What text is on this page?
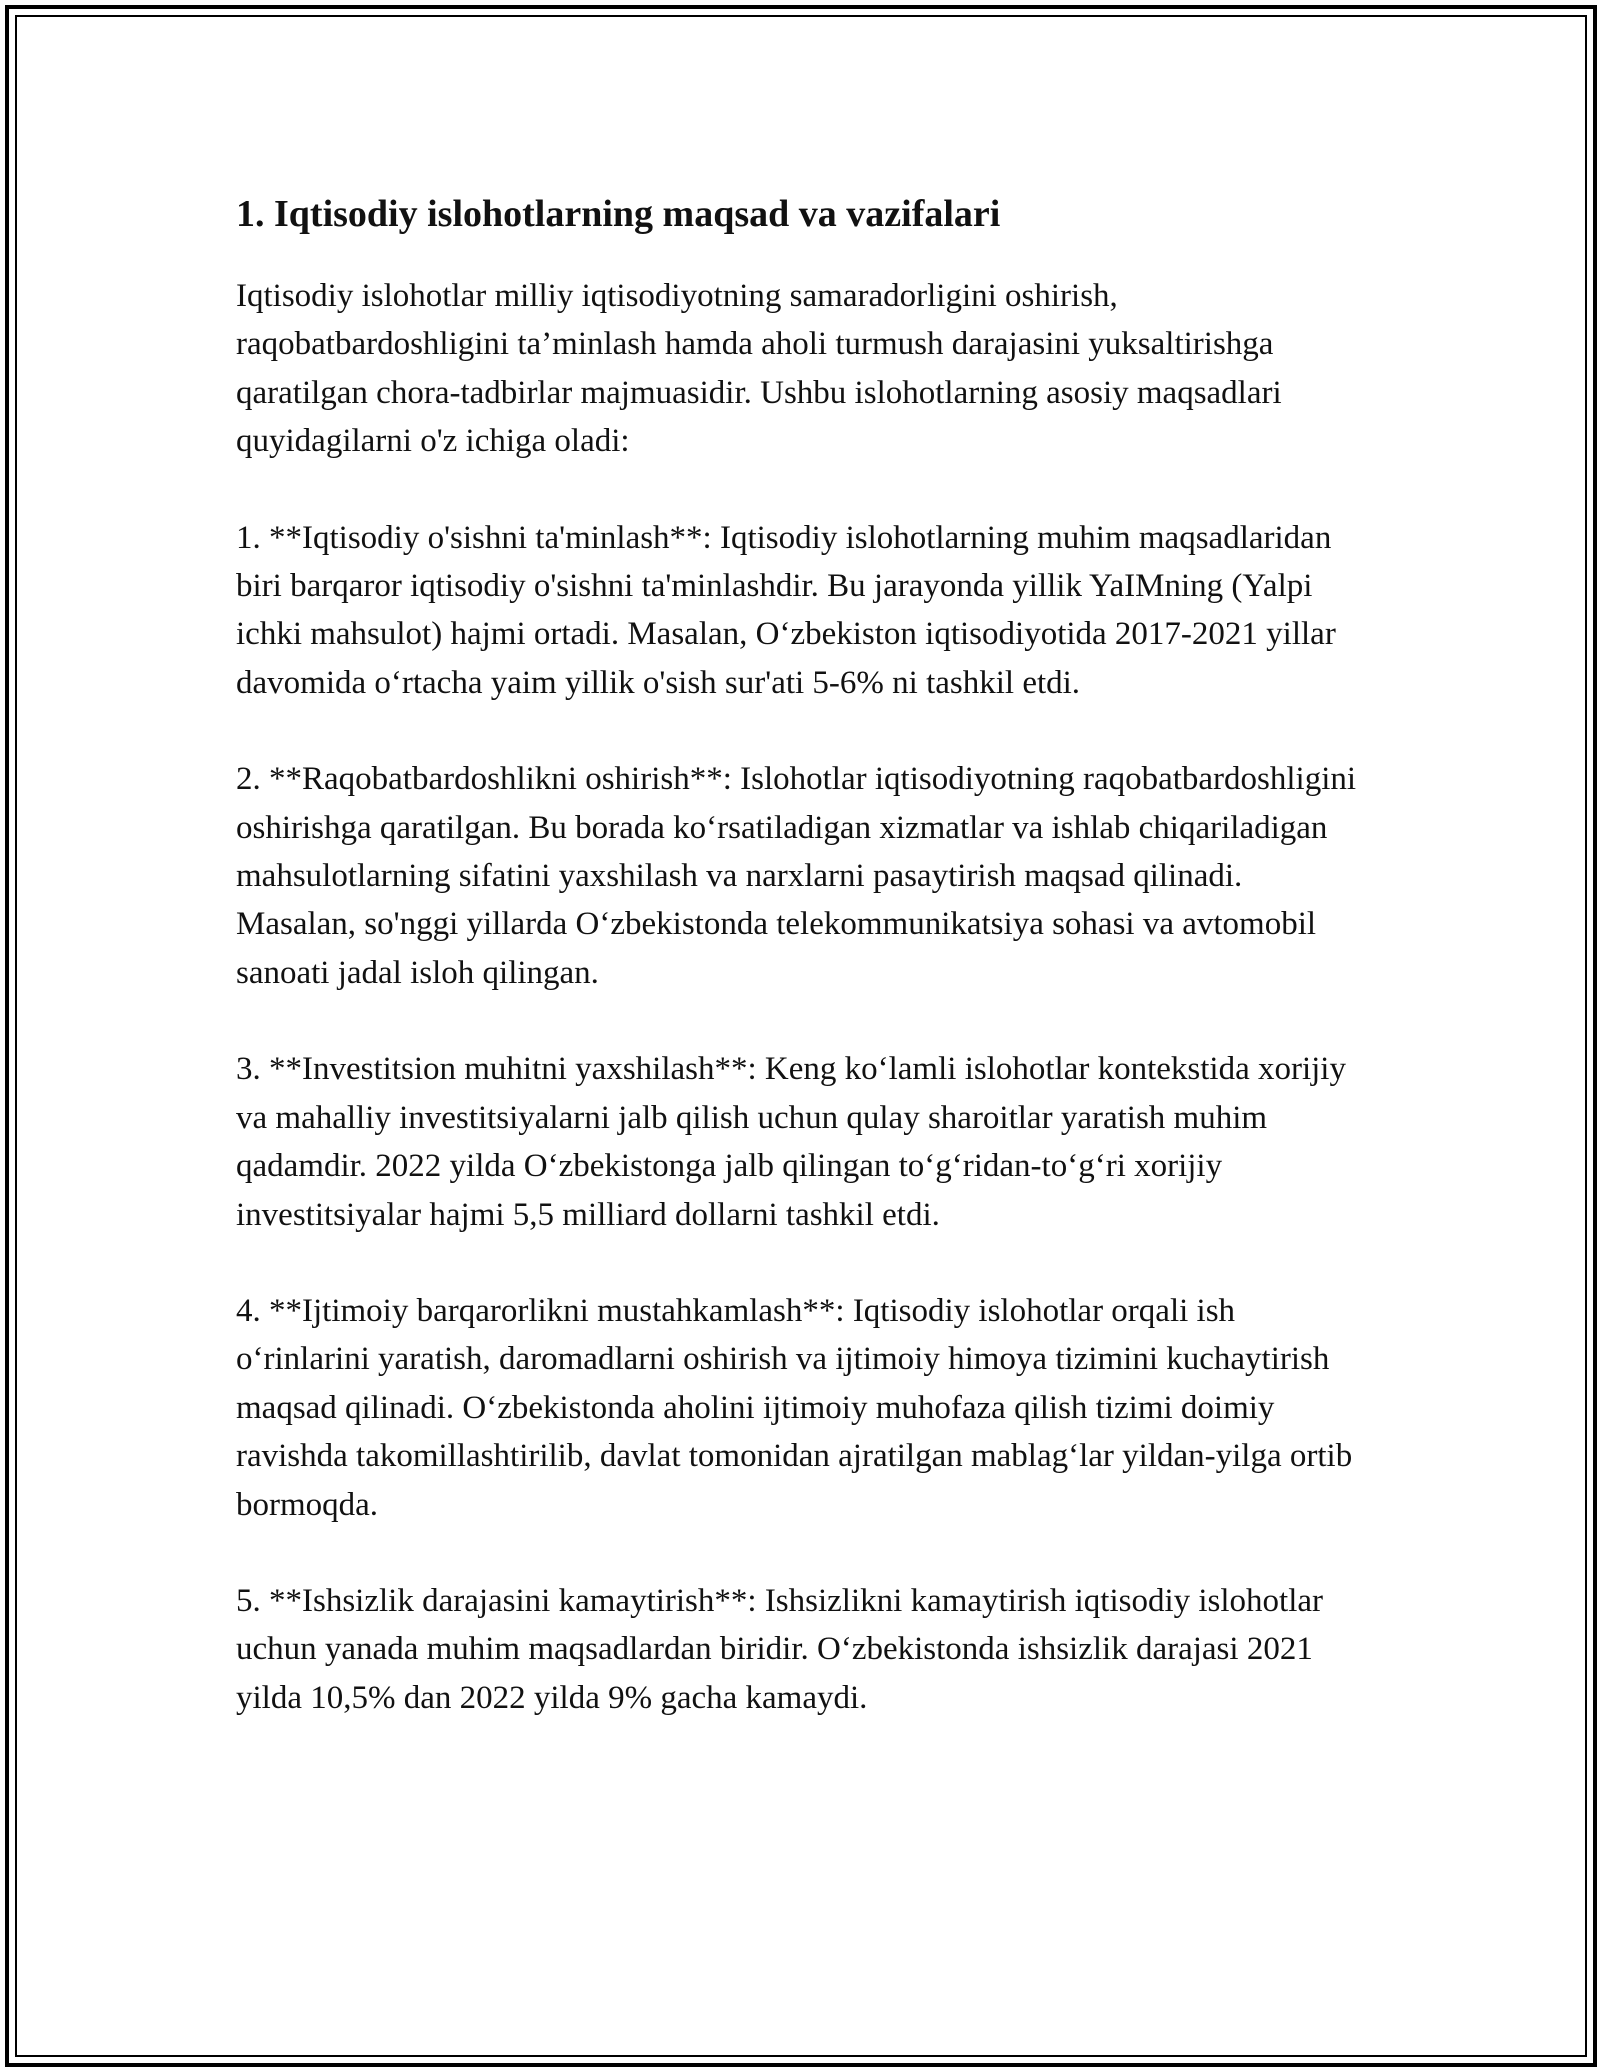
1. Iqtisodiy islohotlarning maqsad va vazifalari

Iqtisodiy islohotlar milliy iqtisodiyotning samaradorligini oshirish, raqobatbardoshligini ta’minlash hamda aholi turmush darajasini yuksaltirishga qaratilgan chora-tadbirlar majmuasidir. Ushbu islohotlarning asosiy maqsadlari quyidagilarni o'z ichiga oladi:

1. **Iqtisodiy o'sishni ta'minlash**: Iqtisodiy islohotlarning muhim maqsadlaridan biri barqaror iqtisodiy o'sishni ta'minlashdir. Bu jarayonda yillik YaIMning (Yalpi ichki mahsulot) hajmi ortadi. Masalan, O‘zbekiston iqtisodiyotida 2017-2021 yillar davomida o‘rtacha yaim yillik o'sish sur'ati 5-6% ni tashkil etdi.

2. **Raqobatbardoshlikni oshirish**: Islohotlar iqtisodiyotning raqobatbardoshligini oshirishga qaratilgan. Bu borada ko‘rsatiladigan xizmatlar va ishlab chiqariladigan mahsulotlarning sifatini yaxshilash va narxlarni pasaytirish maqsad qilinadi. Masalan, so'nggi yillarda O‘zbekistonda telekommunikatsiya sohasi va avtomobil sanoati jadal isloh qilingan.

3. **Investitsion muhitni yaxshilash**: Keng ko‘lamli islohotlar kontekstida xorijiy va mahalliy investitsiyalarni jalb qilish uchun qulay sharoitlar yaratish muhim qadamdir. 2022 yilda O‘zbekistonga jalb qilingan to‘g‘ridan-to‘g‘ri xorijiy investitsiyalar hajmi 5,5 milliard dollarni tashkil etdi.

4. **Ijtimoiy barqarorlikni mustahkamlash**: Iqtisodiy islohotlar orqali ish o‘rinlarini yaratish, daromadlarni oshirish va ijtimoiy himoya tizimini kuchaytirish maqsad qilinadi. O‘zbekistonda aholini ijtimoiy muhofaza qilish tizimi doimiy ravishda takomillashtirilib, davlat tomonidan ajratilgan mablag‘lar yildan-yilga ortib bormoqda.

5. **Ishsizlik darajasini kamaytirish**: Ishsizlikni kamaytirish iqtisodiy islohotlar uchun yanada muhim maqsadlardan biridir. O‘zbekistonda ishsizlik darajasi 2021 yilda 10,5% dan 2022 yilda 9% gacha kamaydi.
